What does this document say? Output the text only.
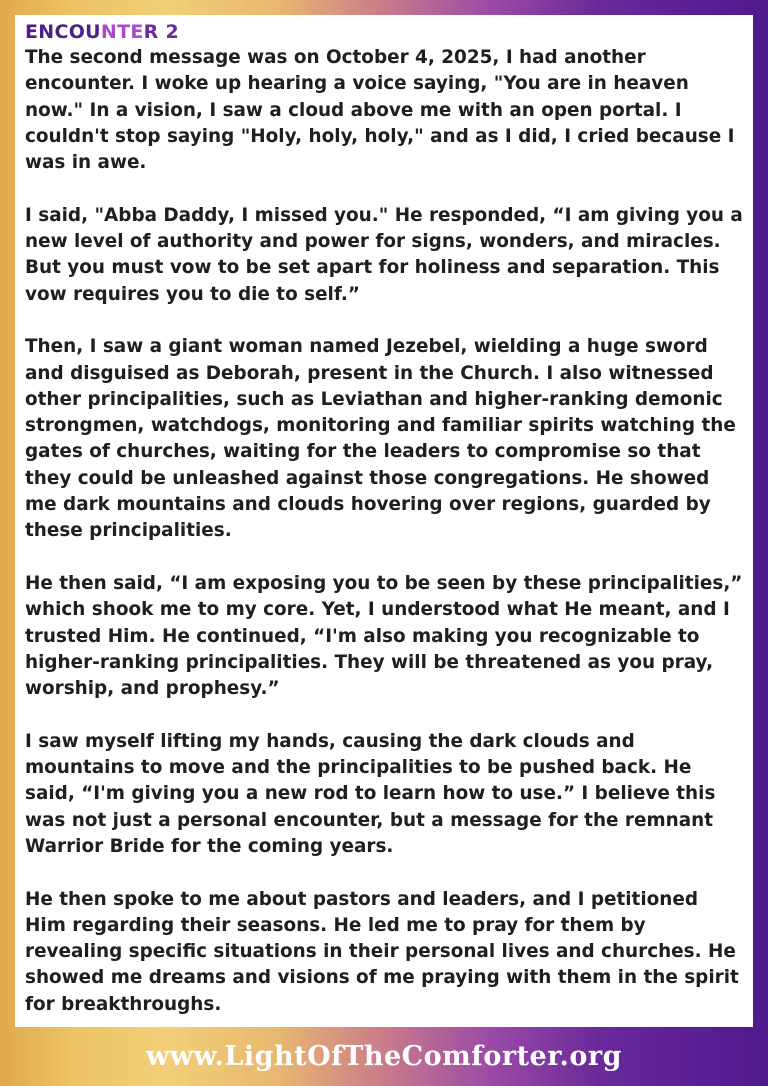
ENCOUNTER 2

The second message was on October 4, 2025, I had another encounter. I woke up hearing a voice saying, "You are in heaven now." In a vision, I saw a cloud above me with an open portal. I couldn't stop saying "Holy, holy, holy," and as I did, I cried because I was in awe.

I said, "Abba Daddy, I missed you." He responded, “I am giving you a new level of authority and power for signs, wonders, and miracles. But you must vow to be set apart for holiness and separation. This vow requires you to die to self.”

Then, I saw a giant woman named Jezebel, wielding a huge sword and disguised as Deborah, present in the Church. I also witnessed other principalities, such as Leviathan and higher-ranking demonic strongmen, watchdogs, monitoring and familiar spirits watching the gates of churches, waiting for the leaders to compromise so that they could be unleashed against those congregations. He showed me dark mountains and clouds hovering over regions, guarded by these principalities.

He then said, “I am exposing you to be seen by these principalities,” which shook me to my core. Yet, I understood what He meant, and I trusted Him. He continued, “I'm also making you recognizable to higher-ranking principalities. They will be threatened as you pray, worship, and prophesy.”

I saw myself lifting my hands, causing the dark clouds and mountains to move and the principalities to be pushed back. He said, “I'm giving you a new rod to learn how to use.” I believe this was not just a personal encounter, but a message for the remnant Warrior Bride for the coming years.

He then spoke to me about pastors and leaders, and I petitioned Him regarding their seasons. He led me to pray for them by revealing specific situations in their personal lives and churches. He showed me dreams and visions of me praying with them in the spirit for breakthroughs.

www.LightOfTheComforter.org
